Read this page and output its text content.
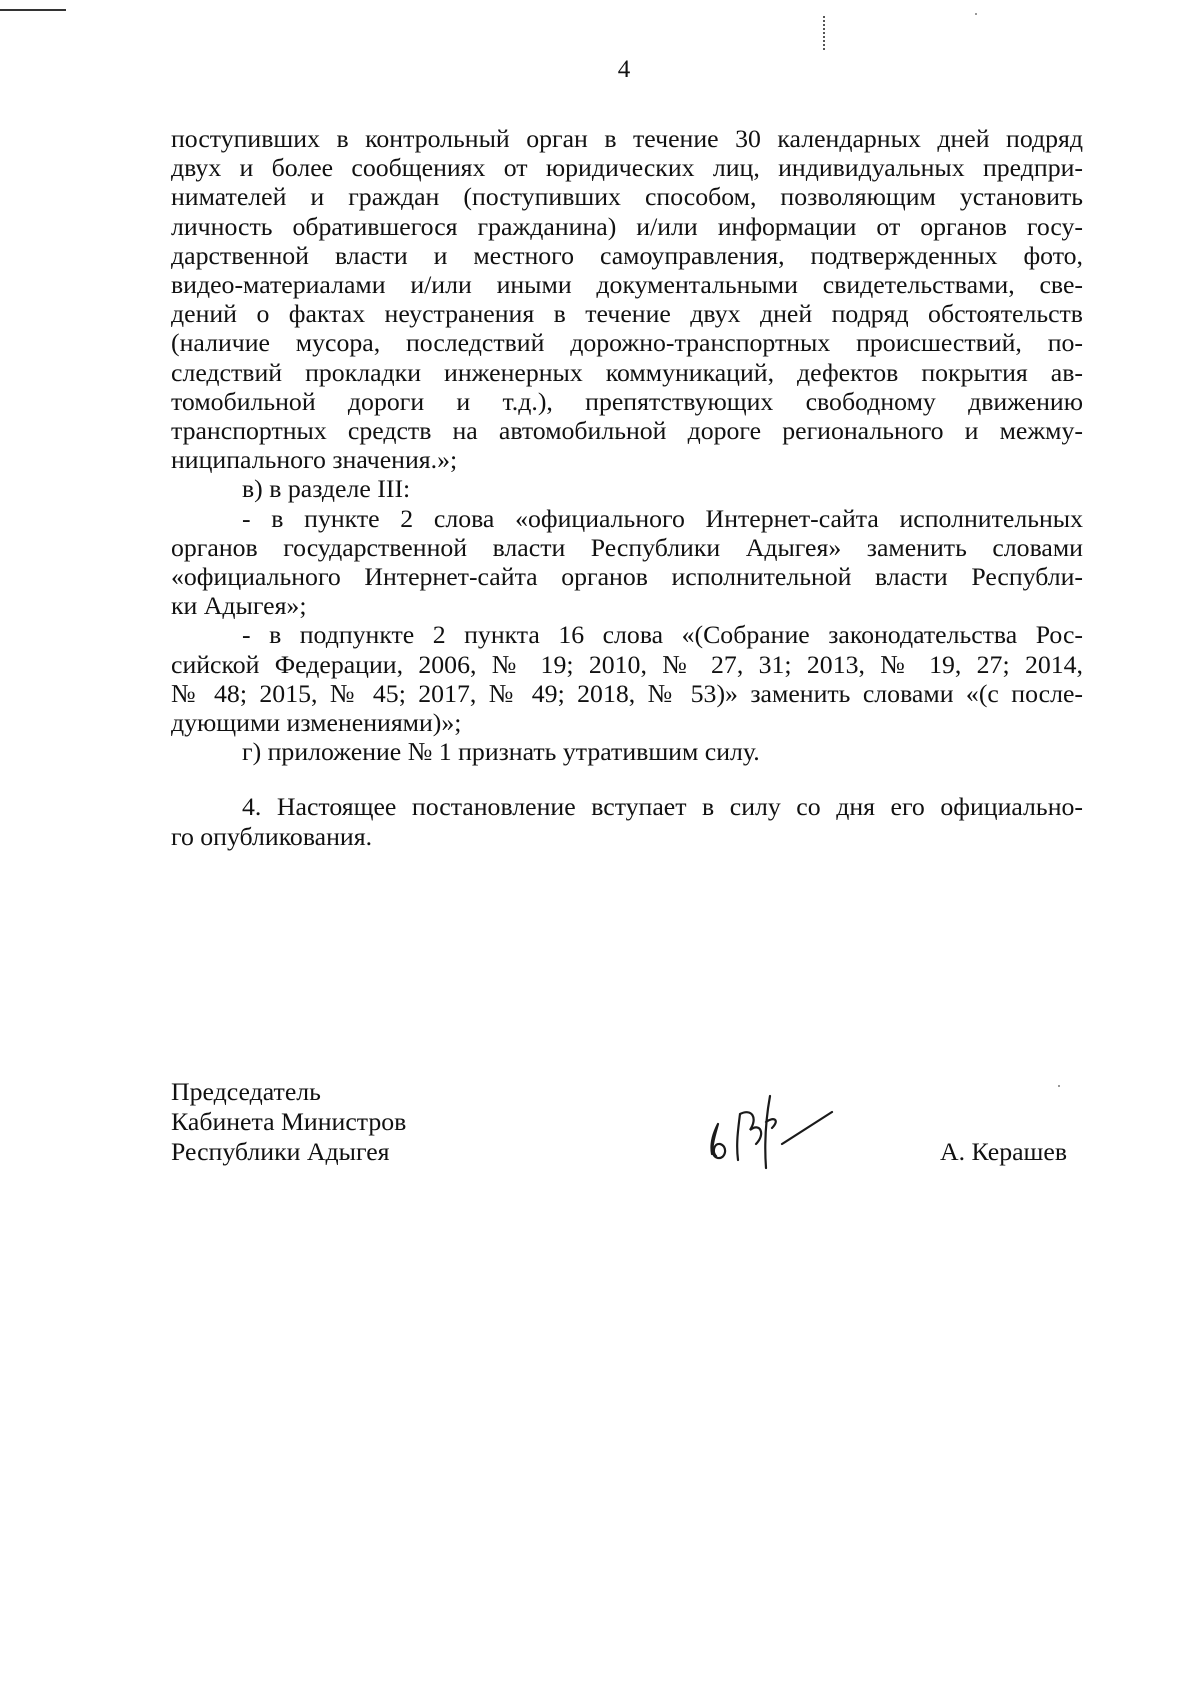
4

поступивших в контрольный орган в течение 30 календарных дней подряд

двух и более сообщениях от юридических лиц, индивидуальных предпри-

нимателей и граждан (поступивших способом, позволяющим установить

личность обратившегося гражданина) и/или информации от органов госу-

дарственной власти и местного самоуправления, подтвержденных фото,

видео-материалами и/или иными документальными свидетельствами, све-

дений о фактах неустранения в течение двух дней подряд обстоятельств

(наличие мусора, последствий дорожно-транспортных происшествий, по-

следствий прокладки инженерных коммуникаций, дефектов покрытия ав-

томобильной дороги и т.д.), препятствующих свободному движению

транспортных средств на автомобильной дороге регионального и межму-

ниципального значения.»;

в) в разделе III:

- в пункте 2 слова «официального Интернет-сайта исполнительных

органов государственной власти Республики Адыгея» заменить словами

«официального Интернет-сайта органов исполнительной власти Республи-

ки Адыгея»;

- в подпункте 2 пункта 16 слова «(Собрание законодательства Рос-

сийской Федерации, 2006, № 19; 2010, № 27, 31; 2013, № 19, 27; 2014,

№ 48; 2015, № 45; 2017, № 49; 2018, № 53)» заменить словами «(с после-

дующими изменениями)»;

г) приложение № 1 признать утратившим силу.

4. Настоящее постановление вступает в силу со дня его официально-

го опубликования.

Председатель
Кабинета Министров
Республики Адыгея	А. Керашев
